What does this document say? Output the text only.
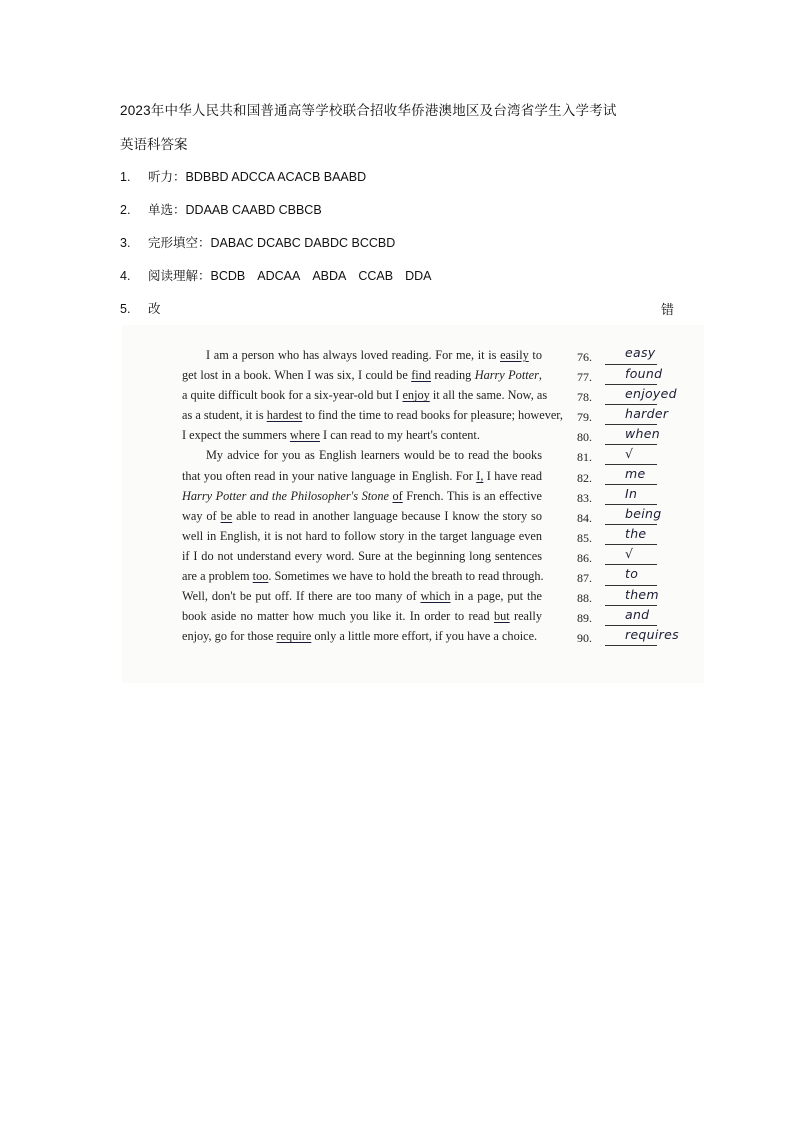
2023年中华人民共和国普通高等学校联合招收华侨港澳地区及台湾省学生入学考试
英语科答案
1. 听力：BDBBD ADCCA ACACB BAABD
2. 单选：DDAAB CAABD CBBCB
3. 完形填空：DABAC DCABC DABDC BCCBD
4. 阅读理解：BCDB ADCAA ABDA CCAB DDA
5. 改	错
I am a person who has always loved reading. For me, it is easily to
get lost in a book. When I was six, I could be find reading Harry Potter,
a quite difficult book for a six-year-old but I enjoy it all the same. Now, as
as a student, it is hardest to find the time to read books for pleasure; however,
I expect the summers where I can read to my heart's content.
My advice for you as English learners would be to read the books
that you often read in your native language in English. For I, I have read
Harry Potter and the Philosopher's Stone of French. This is an effective
way of be able to read in another language because I know the story so
well in English, it is not hard to follow story in the target language even
if I do not understand every word. Sure at the beginning long sentences
are a problem too. Sometimes we have to hold the breath to read through.
Well, don't be put off. If there are too many of which in a page, put the
book aside no matter how much you like it. In order to read but really
enjoy, go for those require only a little more effort, if you have a choice.
76.	easy
77.	found
78.	enjoyed
79.	harder
80.	when
81.	√
82.	me
83.	In
84.	being
85.	the
86.	√
87.	to
88.	them
89.	and
90.	requires
